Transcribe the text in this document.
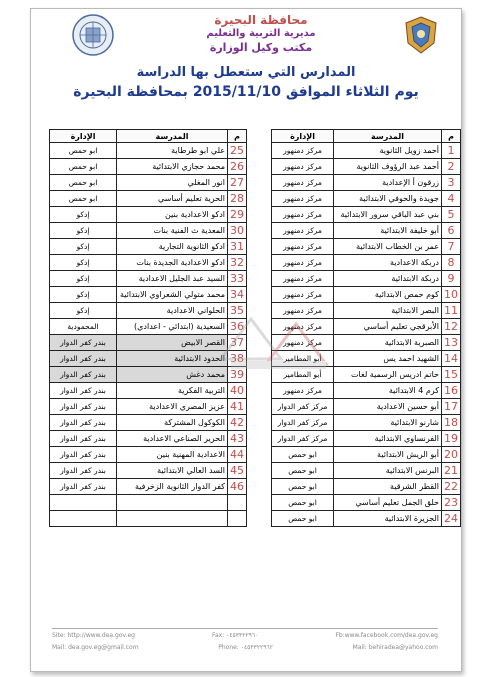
محافظة البحيرة
مديرية التربية والتعليم
مكتب وكيل الوزارة
المدارس التي ستعطل بها الدراسة
يوم الثلاثاء الموافق 2015/11/10 بمحافظة البحيرة
م	المدرسة	الإدارة
1	أحمد زويل الثانوية	مركز دمنهور
2	أحمد عبد الرؤوف الثانوية	مركز دمنهور
3	زرقون أ الإعدادية	مركز دمنهور
4	جويدة والحوفي الابتدائية	مركز دمنهور
5	بني عبد الباقي سرور الابتدائية	مركز دمنهور
6	أبو خليفة الابتدائية	مركز دمنهور
7	عمر بن الخطاب الابتدائية	مركز دمنهور
8	دربكة الاعدادية	مركز دمنهور
9	دربكة الابتدائية	مركز دمنهور
10	كوم حمص الابتدائية	مركز دمنهور
11	البصر الابتدائية	مركز دمنهور
12	الأبرقجي تعليم أساسي	مركز دمنهور
13	الصبرية الابتدائية	مركز دمنهور
14	الشهيد احمد يس	أبو المطامير
15	حاتم ادريس الرسمية لغات	أبو المطامير
16	كرم 4 الابتدائية	مركز دمنهور
17	أبو حسين الاعدادية	مركز كفر الدوار
18	شارنو الابتدائية	مركز كفر الدوار
19	الفرنساوي الابتدائية	مركز كفر الدوار
20	أبو الريش الابتدائية	ابو حمص
21	البرنس الابتدائية	ابو حمص
22	القطر الشرقية	ابو حمص
23	حلق الجمل تعليم أساسي	ابو حمص
24	الجزيرة الابتدائية	ابو حمص
م	المدرسة	الإدارة
25	علي ابو طرطاية	ابو حمص
26	محمد حجازي الابتدائية	ابو حمص
27	انور المغلي	ابو حمص
28	الحرية تعليم أساسي	ابو حمص
29	ادكو الاعدادية بنين	إدكو
30	المعدية ث الفنية بنات	إدكو
31	ادكو الثانوية التجارية	إدكو
32	ادكو الاعدادية الجديدة بنات	إدكو
33	السيد عبد الجليل الاعدادية	إدكو
34	محمد متولي الشعراوي الابتدائية	إدكو
35	الحلواني الاعدادية	إدكو
36	السعيدية (ابتدائي - اعدادي)	المحمودية
37	القصر الابيض	بندر كفر الدوار
38	الحدود الابتدائية	بندر كفر الدوار
39	محمد دغش	بندر كفر الدوار
40	التربية الفكرية	بندر كفر الدوار
41	عزيز المصري الاعدادية	بندر كفر الدوار
42	الكوكول المشتركة	بندر كفر الدوار
43	الحرير الصناعي الاعدادية	بندر كفر الدوار
44	الاعدادية المهنية بنين	بندر كفر الدوار
45	السد العالي الابتدائية	بندر كفر الدوار
46	كفر الدوار الثانوية الزخرفية	بندر كفر الدوار

Site: http://www.dea.gov.eg	Fax: ٠٤٥٣٣٢٢٩٦٠	Fb:www.facebook.com/dea.gov.eg
Mail: dea.gov.eg@gmail.com	Phone: ٠٤٥٣٣٢٢٩٦٢	Mail: behiradea@yahoo.com
